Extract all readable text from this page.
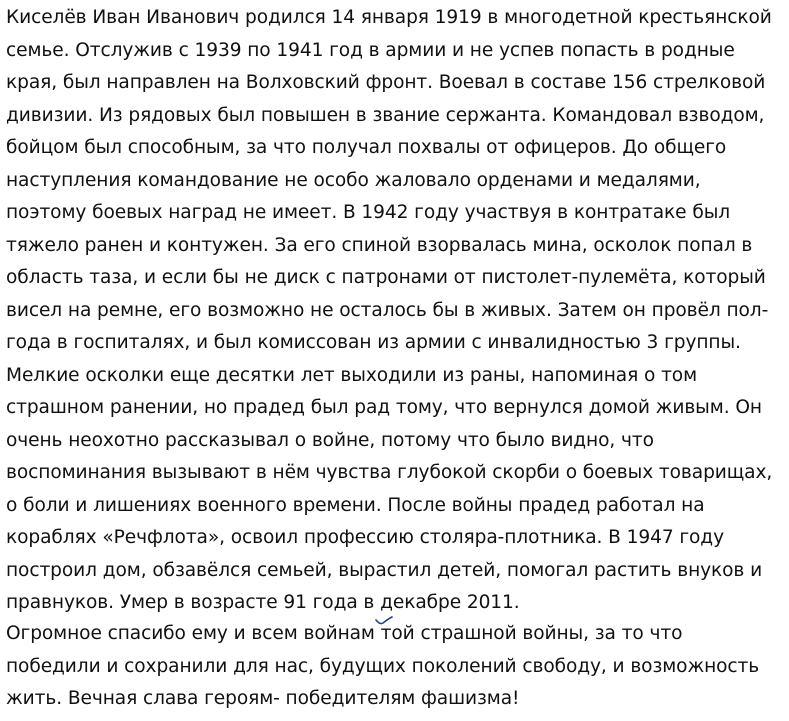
Киселёв Иван Иванович родился 14 января 1919 в многодетной крестьянской
семье. Отслужив с 1939 по 1941 год в армии и не успев попасть в родные
края, был направлен на Волховский фронт. Воевал в составе 156 стрелковой
дивизии. Из рядовых был повышен в звание сержанта. Командовал взводом,
бойцом был способным, за что получал похвалы от офицеров. До общего
наступления командование не особо жаловало орденами и медалями,
поэтому боевых наград не имеет. В 1942 году участвуя в контратаке был
тяжело ранен и контужен. За его спиной взорвалась мина, осколок попал в
область таза, и если бы не диск с патронами от пистолет-пулемёта, который
висел на ремне, его возможно не осталось бы в живых. Затем он провёл пол-
года в госпиталях, и был комиссован из армии с инвалидностью 3 группы.
Мелкие осколки еще десятки лет выходили из раны, напоминая о том
страшном ранении, но прадед был рад тому, что вернулся домой живым. Он
очень неохотно рассказывал о войне, потому что было видно, что
воспоминания вызывают в нём чувства глубокой скорби о боевых товарищах,
о боли и лишениях военного времени. После войны прадед работал на
кораблях «Речфлота», освоил профессию столяра-плотника. В 1947 году
построил дом, обзавёлся семьей, вырастил детей, помогал растить внуков и
правнуков. Умер в возрасте 91 года в декабре 2011.
Огромное спасибо ему и всем войнам той страшной войны, за то что
победили и сохранили для нас, будущих поколений свободу, и возможность
жить. Вечная слава героям- победителям фашизма!
